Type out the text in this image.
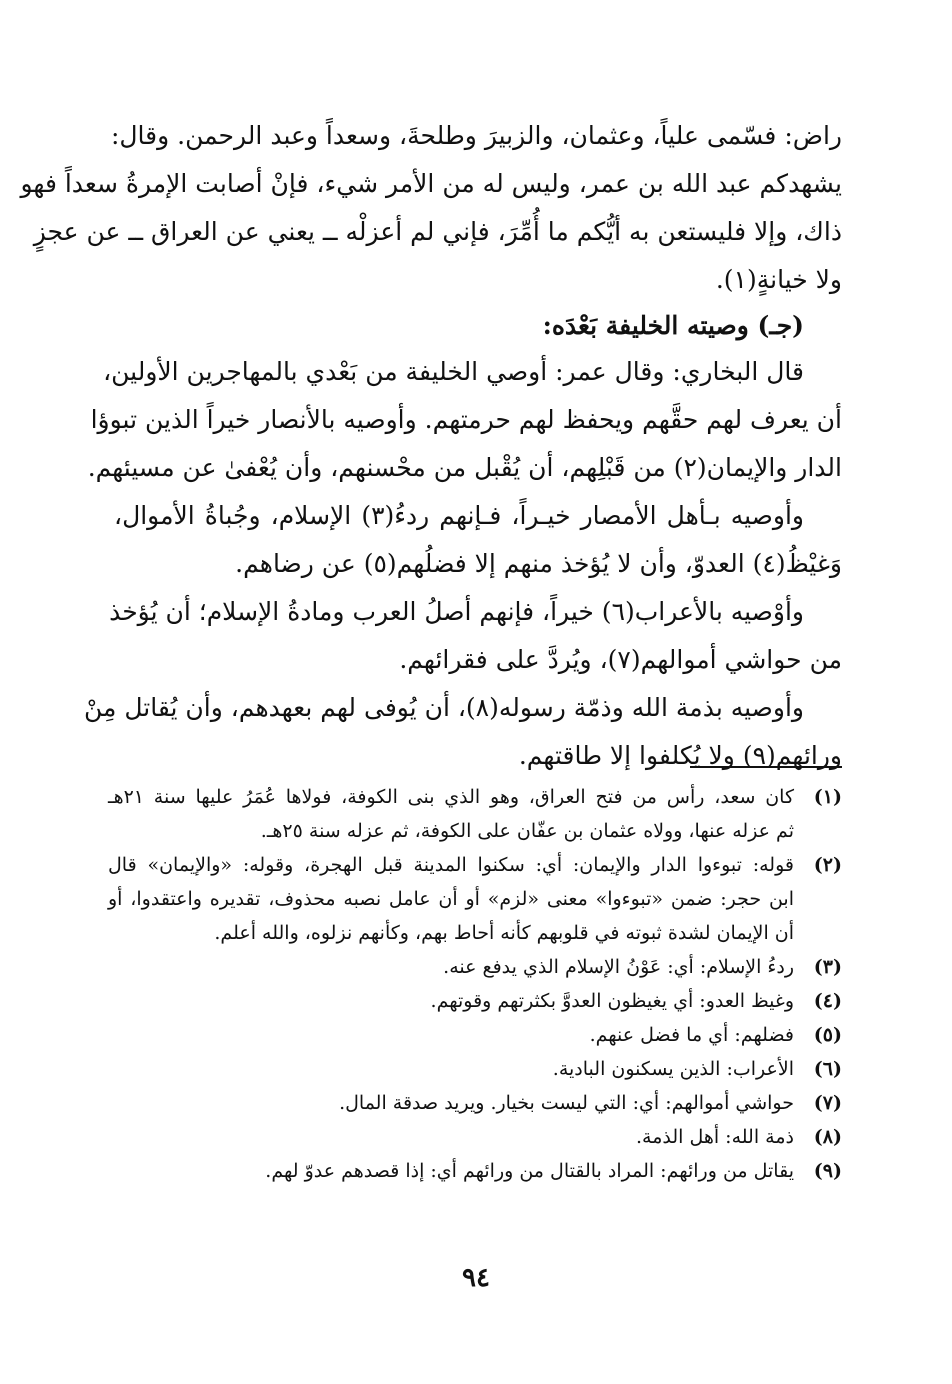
راض: فسّمى علياً، وعثمان، والزبيرَ وطلحةَ، وسعداً وعبد الرحمن. وقال:
يشهدكم عبد الله بن عمر، وليس له من الأمر شيء، فإنْ أصابت الإمرةُ سعداً فهو
ذاك، وإلا فليستعن به أيُّكم ما أُمِّرَ، فإني لم أعزلْه ــ يعني عن العراق ــ عن عجزٍ
ولا خيانةٍ(١).
(جـ) وصيته الخليفة بَعْدَه:
قال البخاري: وقال عمر: أوصي الخليفة من بَعْدي بالمهاجرين الأولين،
أن يعرف لهم حقَّهم ويحفظ لهم حرمتهم. وأوصيه بالأنصار خيراً الذين تبوؤا
الدار والإيمان(٢) من قَبْلِهم، أن يُقْبل من محْسنهم، وأن يُعْفىٰ عن مسيئهم.
وأوصيه بـأهل الأمصار خيـراً، فـإنهم ردءُ(٣) الإسلام، وجُباةُ الأموال،
وَغيْظُ(٤) العدوّ، وأن لا يُؤخذ منهم إلا فضلُهم(٥) عن رضاهم.
وأوْصيه بالأعراب(٦) خيراً، فإنهم أصلُ العرب ومادةُ الإسلام؛ أن يُؤخذ
من حواشي أموالهم(٧)، ويُردَّ على فقرائهم.
وأوصيه بذمة الله وذمّة رسوله(٨)، أن يُوفى لهم بعهدهم، وأن يُقاتل مِنْ
ورائهم(٩) ولا يُكلفوا إلا طاقتهم.
(١)
كان سعد، رأس من فتح العراق، وهو الذي بنى الكوفة، فولاها عُمَرُ عليها سنة ٢١هـ
ثم عزله عنها، وولاه عثمان بن عفّان على الكوفة، ثم عزله سنة ٢٥هـ.
(٢)
قوله: تبوءوا الدار والإيمان: أي: سكنوا المدينة قبل الهجرة، وقوله: «والإيمان» قال
ابن حجر: ضمن «تبوءوا» معنى «لزم» أو أن عامل نصبه محذوف، تقديره واعتقدوا، أو
أن الإيمان لشدة ثبوته في قلوبهم كأنه أحاط بهم، وكأنهم نزلوه، والله أعلم.
(٣)
ردءُ الإسلام: أي: عَوْنُ الإسلام الذي يدفع عنه.
(٤)
وغيظ العدو: أي يغيظون العدوَّ بكثرتهم وقوتهم.
(٥)
فضلهم: أي ما فضل عنهم.
(٦)
الأعراب: الذين يسكنون البادية.
(٧)
حواشي أموالهم: أي: التي ليست بخيار. ويريد صدقة المال.
(٨)
ذمة الله: أهل الذمة.
(٩)
يقاتل من ورائهم: المراد بالقتال من ورائهم أي: إذا قصدهم عدوّ لهم.
٩٤
